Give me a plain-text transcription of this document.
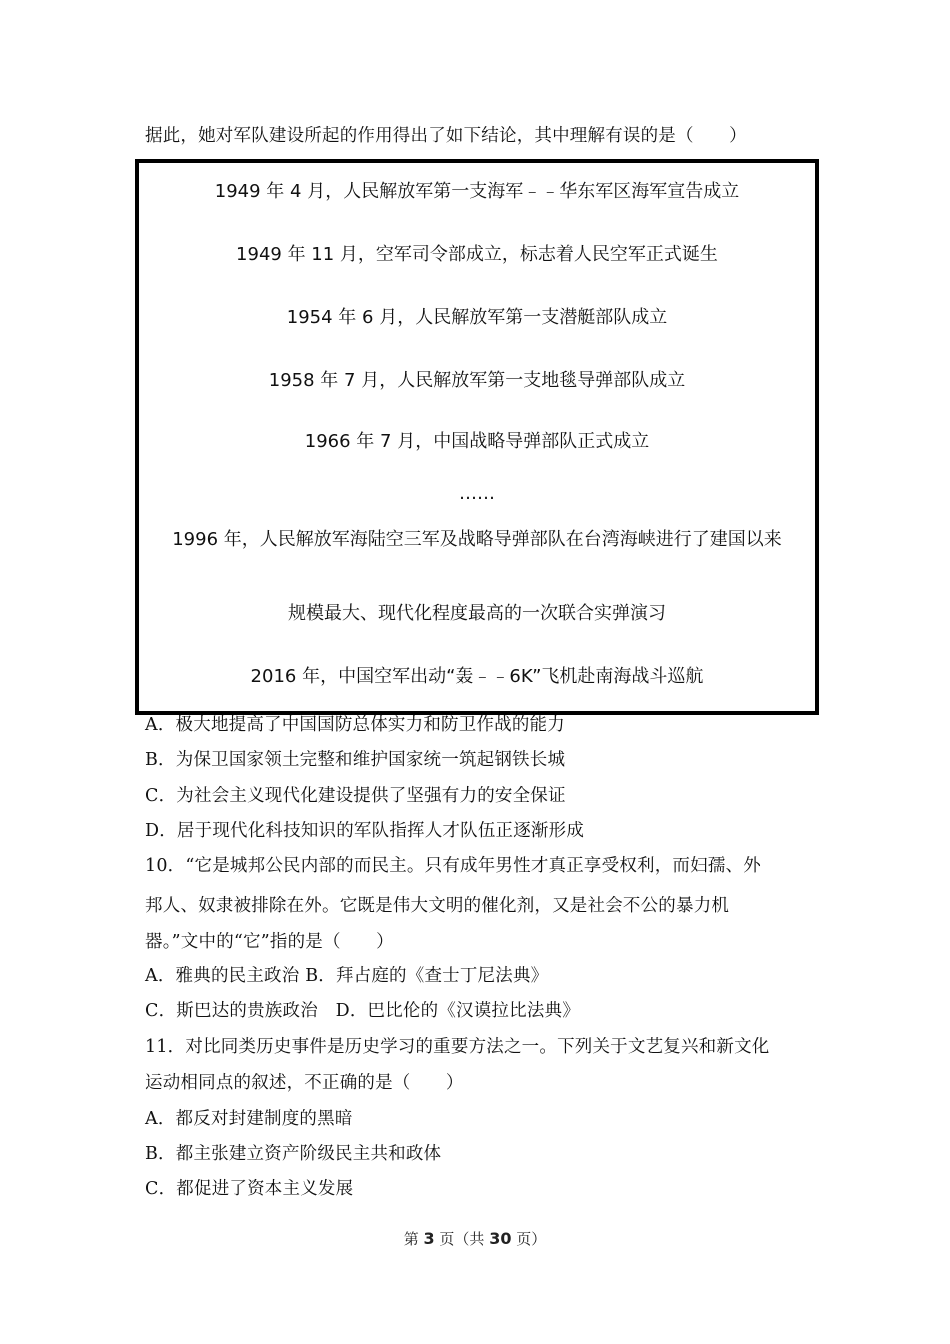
据此，她对军队建设所起的作用得出了如下结论，其中理解有误的是（　　）
1949 年 4 月，人民解放军第一支海军﹣﹣华东军区海军宣告成立
1949 年 11 月，空军司令部成立，标志着人民空军正式诞生
1954 年 6 月，人民解放军第一支潜艇部队成立
1958 年 7 月，人民解放军第一支地毯导弹部队成立
1966 年 7 月，中国战略导弹部队正式成立
……
1996 年，人民解放军海陆空三军及战略导弹部队在台湾海峡进行了建国以来
规模最大、现代化程度最高的一次联合实弹演习
2016 年，中国空军出动“轰﹣﹣6K”飞机赴南海战斗巡航
A．极大地提高了中国国防总体实力和防卫作战的能力
B．为保卫国家领土完整和维护国家统一筑起钢铁长城
C．为社会主义现代化建设提供了坚强有力的安全保证
D．居于现代化科技知识的军队指挥人才队伍正逐渐形成
10．“它是城邦公民内部的而民主。只有成年男性才真正享受权利，而妇孺、外
邦人、奴隶被排除在外。它既是伟大文明的催化剂，又是社会不公的暴力机
器。”文中的“它”指的是（　　）
A．雅典的民主政治 B．拜占庭的《查士丁尼法典》
C．斯巴达的贵族政治　D．巴比伦的《汉谟拉比法典》
11．对比同类历史事件是历史学习的重要方法之一。下列关于文艺复兴和新文化
运动相同点的叙述，不正确的是（　　）
A．都反对封建制度的黑暗
B．都主张建立资产阶级民主共和政体
C．都促进了资本主义发展
第 3 页（共 30 页）
